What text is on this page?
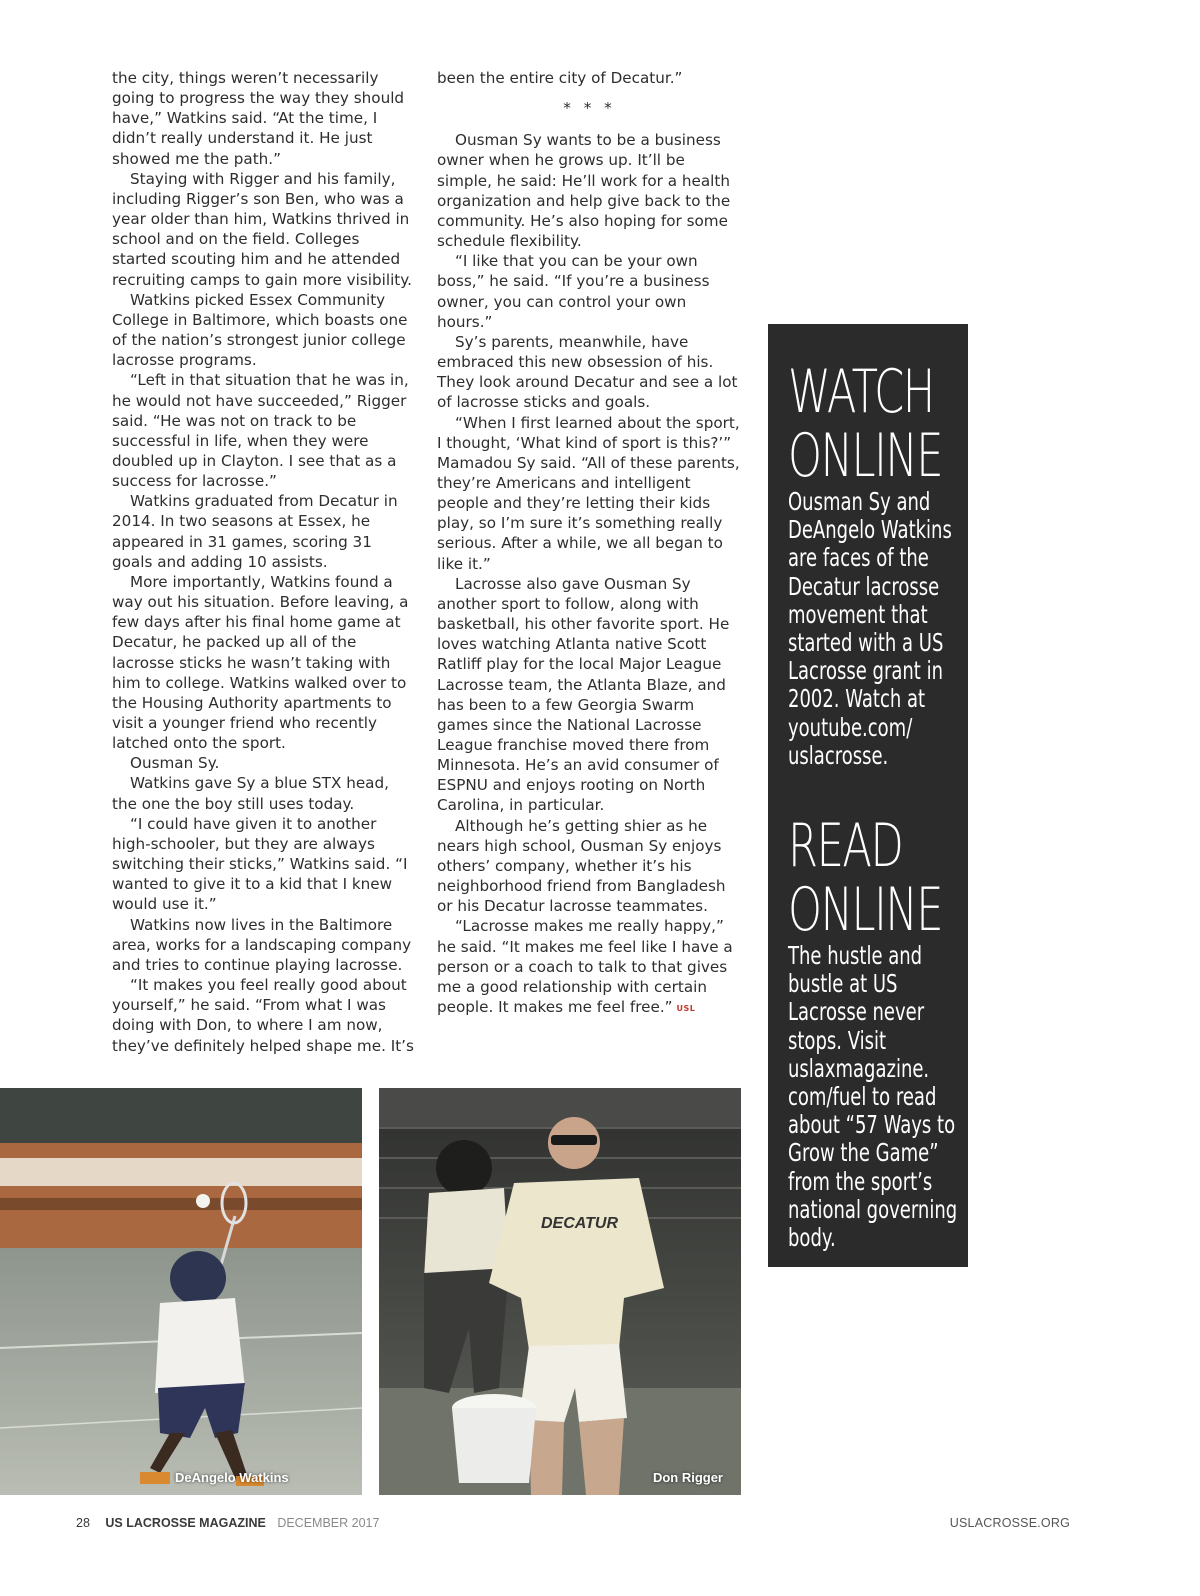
the city, things weren’t necessarily going to progress the way they should have,” Watkins said. “At the time, I didn’t really understand it. He just showed me the path.”

Staying with Rigger and his family, including Rigger’s son Ben, who was a year older than him, Watkins thrived in school and on the field. Colleges started scouting him and he attended recruiting camps to gain more visibility.

Watkins picked Essex Community College in Baltimore, which boasts one of the nation’s strongest junior college lacrosse programs.

“Left in that situation that he was in, he would not have succeeded,” Rigger said. “He was not on track to be successful in life, when they were doubled up in Clayton. I see that as a success for lacrosse.”

Watkins graduated from Decatur in 2014. In two seasons at Essex, he appeared in 31 games, scoring 31 goals and adding 10 assists.

More importantly, Watkins found a way out his situation. Before leaving, a few days after his final home game at Decatur, he packed up all of the lacrosse sticks he wasn’t taking with him to college. Watkins walked over to the Housing Authority apartments to visit a younger friend who recently latched onto the sport.

Ousman Sy.

Watkins gave Sy a blue STX head, the one the boy still uses today.

“I could have given it to another high-schooler, but they are always switching their sticks,” Watkins said. “I wanted to give it to a kid that I knew would use it.”

Watkins now lives in the Baltimore area, works for a landscaping company and tries to continue playing lacrosse.

“It makes you feel really good about yourself,” he said. “From what I was doing with Don, to where I am now, they’ve definitely helped shape me. It’s

been the entire city of Decatur.”

* * *

Ousman Sy wants to be a business owner when he grows up. It’ll be simple, he said: He’ll work for a health organization and help give back to the community. He’s also hoping for some schedule flexibility.

“I like that you can be your own boss,” he said. “If you’re a business owner, you can control your own hours.”

Sy’s parents, meanwhile, have embraced this new obsession of his. They look around Decatur and see a lot of lacrosse sticks and goals.

“When I first learned about the sport, I thought, ‘What kind of sport is this?’” Mamadou Sy said. “All of these parents, they’re Americans and intelligent people and they’re letting their kids play, so I’m sure it’s something really serious. After a while, we all began to like it.”

Lacrosse also gave Ousman Sy another sport to follow, along with basketball, his other favorite sport. He loves watching Atlanta native Scott Ratliff play for the local Major League Lacrosse team, the Atlanta Blaze, and has been to a few Georgia Swarm games since the National Lacrosse League franchise moved there from Minnesota. He’s an avid consumer of ESPNU and enjoys rooting on North Carolina, in particular.

Although he’s getting shier as he nears high school, Ousman Sy enjoys others’ company, whether it’s his neighborhood friend from Bangladesh or his Decatur lacrosse teammates.

“Lacrosse makes me really happy,” he said. “It makes me feel like I have a person or a coach to talk to that gives me a good relationship with certain people. It makes me feel free.” USL

WATCH
ONLINE

Ousman Sy and DeAngelo Watkins are faces of the Decatur lacrosse movement that started with a US Lacrosse grant in 2002. Watch at youtube.com/ uslacrosse.

READ
ONLINE

The hustle and bustle at US Lacrosse never stops. Visit uslaxmagazine. com/fuel to read about “57 Ways to Grow the Game” from the sport’s national governing body.

DeAngelo Watkins
DECATUR
Don Rigger
28 US LACROSSE MAGAZINE DECEMBER 2017	USLACROSSE.ORG
